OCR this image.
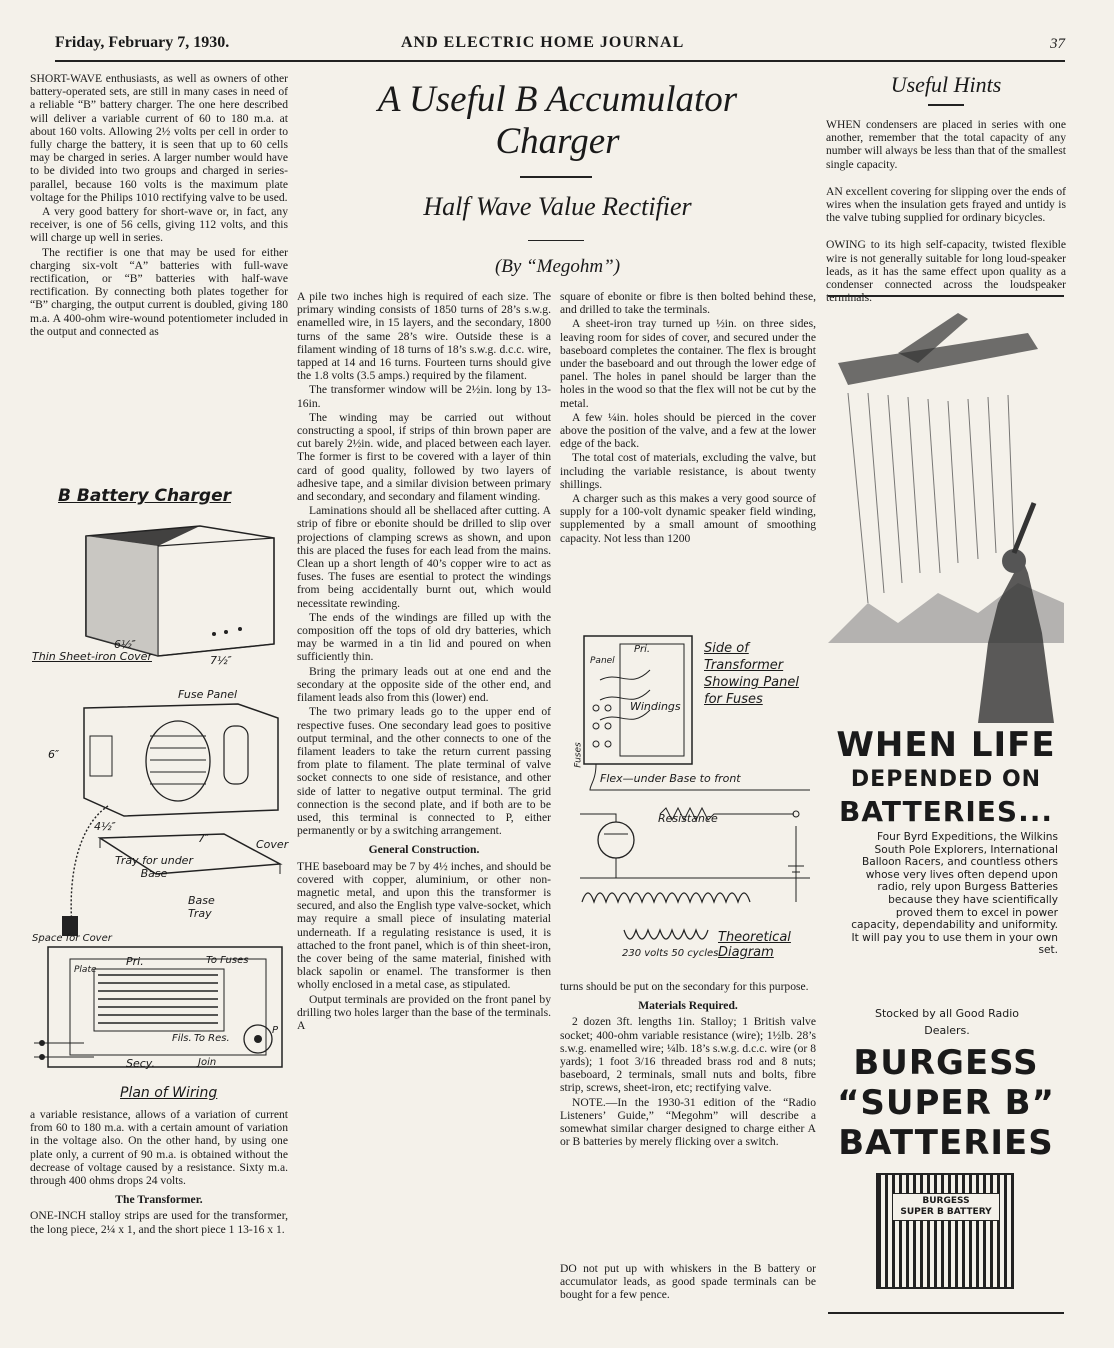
Friday, February 7, 1930.	AND ELECTRIC HOME JOURNAL	37

SHORT-WAVE enthusiasts, as well as owners of other battery-operated sets, are still in many cases in need of a reliable “B” battery charger. The one here described will deliver a variable current of 60 to 180 m.a. at about 160 volts. Allowing 2½ volts per cell in order to fully charge the battery, it is seen that up to 60 cells may be charged in series. A larger number would have to be divided into two groups and charged in series-parallel, because 160 volts is the maximum plate voltage for the Philips 1010 rectifying valve to be used.

A very good battery for short-wave or, in fact, any receiver, is one of 56 cells, giving 112 volts, and this will charge up well in series.

The rectifier is one that may be used for either charging six-volt “A” batteries with full-wave rectification, or “B” batteries with half-wave rectification. By connecting both plates together for “B” charging, the output current is doubled, giving 180 m.a. A 400-ohm wire-wound potentiometer included in the output and connected as

B Battery Charger
6½″
Thin Sheet-iron Cover	7½″
Fuse Panel
6″
4½″
7″	Cover
Tray for under Base
Base Tray
Space for Cover
Pri.	To Fuses
Plate
Fils. To Res.
Secy.	Join
P
Plan of Wiring

a variable resistance, allows of a variation of current from 60 to 180 m.a. with a certain amount of variation in the voltage also. On the other hand, by using one plate only, a current of 90 m.a. is obtained without the decrease of voltage caused by a resistance. Sixty m.a. through 400 ohms drops 24 volts.

The Transformer.

ONE-INCH stalloy strips are used for the transformer, the long piece, 2¼ x 1, and the short piece 1 13-16 x 1.

A Useful B Accumulator
Charger
Half Wave Value Rectifier
(By “Megohm”)

A pile two inches high is required of each size. The primary winding consists of 1850 turns of 28’s s.w.g. enamelled wire, in 15 layers, and the secondary, 1800 turns of the same 28’s wire. Outside these is a filament winding of 18 turns of 18’s s.w.g. d.c.c. wire, tapped at 14 and 16 turns. Fourteen turns should give the 1.8 volts (3.5 amps.) required by the filament.

The transformer window will be 2½in. long by 13-16in.

The winding may be carried out without constructing a spool, if strips of thin brown paper are cut barely 2½in. wide, and placed between each layer. The former is first to be covered with a layer of thin card of good quality, followed by two layers of adhesive tape, and a similar division between primary and secondary, and secondary and filament winding.

Laminations should all be shellaced after cutting. A strip of fibre or ebonite should be drilled to slip over projections of clamping screws as shown, and upon this are placed the fuses for each lead from the mains. Clean up a short length of 40’s copper wire to act as fuses. The fuses are esential to protect the windings from being accidentally burnt out, which would necessitate rewinding.

The ends of the windings are filled up with the composition off the tops of old dry batteries, which may be warmed in a tin lid and poured on when sufficiently thin.

Bring the primary leads out at one end and the secondary at the opposite side of the other end, and filament leads also from this (lower) end.

The two primary leads go to the upper end of respective fuses. One secondary lead goes to positive output terminal, and the other connects to one of the filament leaders to take the return current passing from plate to filament. The plate terminal of valve socket connects to one side of resistance, and other side of latter to negative output terminal. The grid connection is the second plate, and if both are to be used, this terminal is connected to P, either permanently or by a switching arrangement.

General Construction.

THE baseboard may be 7 by 4½ inches, and should be covered with copper, aluminium, or other non-magnetic metal, and upon this the transformer is secured, and also the English type valve-socket, which may require a small piece of insulating material underneath. If a regulating resistance is used, it is attached to the front panel, which is of thin sheet-iron, the cover being of the same material, finished with black sapolin or enamel. The transformer is then wholly enclosed in a metal case, as stipulated.

Output terminals are provided on the front panel by drilling two holes larger than the base of the terminals. A

square of ebonite or fibre is then bolted behind these, and drilled to take the terminals.

A sheet-iron tray turned up ½in. on three sides, leaving room for sides of cover, and secured under the baseboard completes the container. The flex is brought under the baseboard and out through the lower edge of panel. The holes in panel should be larger than the holes in the wood so that the flex will not be cut by the metal.

A few ¼in. holes should be pierced in the cover above the position of the valve, and a few at the lower edge of the back.

The total cost of materials, excluding the valve, but including the variable resistance, is about twenty shillings.

A charger such as this makes a very good source of supply for a 100-volt dynamic speaker field winding, supplemented by a small amount of smoothing capacity. Not less than 1200

Pri.
Panel
Windings
Fuses
Side of Transformer Showing Panel for Fuses
Flex—under Base to front
Resistance
230 volts 50 cycles
Theoretical Diagram

turns should be put on the secondary for this purpose.

Materials Required.

2 dozen 3ft. lengths 1in. Stalloy; 1 British valve socket; 400-ohm variable resistance (wire); 1½lb. 28’s s.w.g. enamelled wire; ¼lb. 18’s s.w.g. d.c.c. wire (or 8 yards); 1 foot 3/16 threaded brass rod and 8 nuts; baseboard, 2 terminals, small nuts and bolts, fibre strip, screws, sheet-iron, etc; rectifying valve.

NOTE.—In the 1930-31 edition of the “Radio Listeners’ Guide,” “Megohm” will describe a somewhat similar charger designed to charge either A or B batteries by merely flicking over a switch.

Useful Hints

WHEN condensers are placed in series with one another, remember that the total capacity of any number will always be less than that of the smallest single capacity.

AN excellent covering for slipping over the ends of wires when the insulation gets frayed and untidy is the valve tubing supplied for ordinary bicycles.

OWING to its high self-capacity, twisted flexible wire is not generally suitable for long loud-speaker leads, as it has the same effect upon quality as a condenser connected across the loudspeaker terminals.

WHEN LIFE
DEPENDED ON
BATTERIES...
Four Byrd Expeditions, the Wilkins South Pole Explorers, International Balloon Racers, and countless others whose very lives often depend upon radio, rely upon Burgess Batteries because they have scientifically proved them to excel in power capacity, dependability and uniformity. It will pay you to use them in your own set.
Stocked by all Good Radio Dealers.
BURGESS
“SUPER B”
BATTERIES
BURGESS
SUPER B BATTERY

DO not put up with whiskers in the B battery or accumulator leads, as good spade terminals can be bought for a few pence.
